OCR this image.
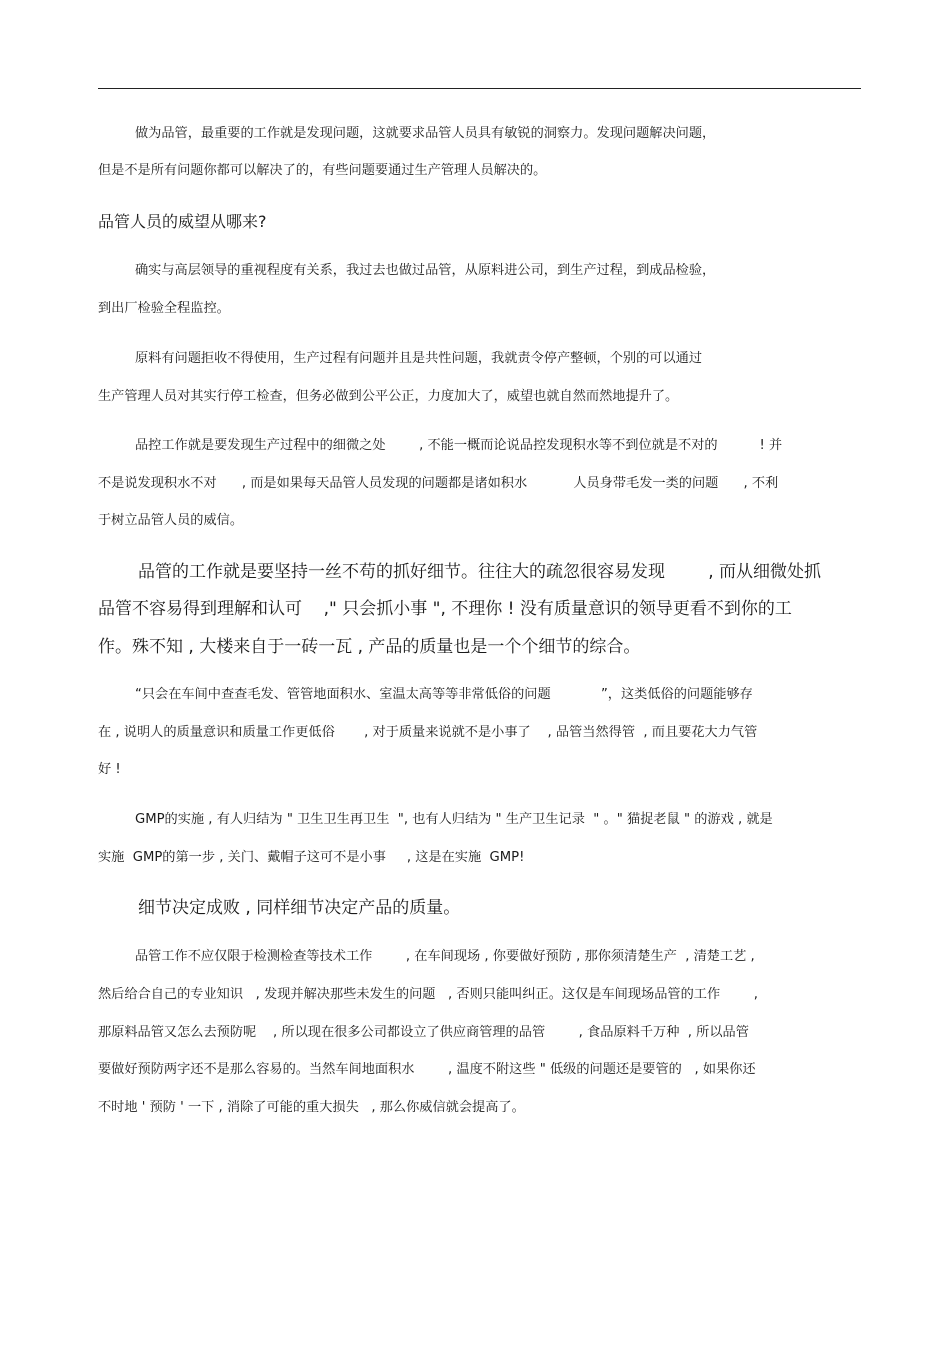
做为品管，最重要的工作就是发现问题，这就要求品管人员具有敏锐的洞察力。发现问题解决问题，
但是不是所有问题你都可以解决了的，有些问题要通过生产管理人员解决的。
品管人员的威望从哪来?
确实与高层领导的重视程度有关系，我过去也做过品管，从原料进公司，到生产过程，到成品检验，
到出厂检验全程监控。
原料有问题拒收不得使用，生产过程有问题并且是共性问题，我就责令停产整顿，个别的可以通过
生产管理人员对其实行停工检查，但务必做到公平公正，力度加大了，威望也就自然而然地提升了。
品控工作就是要发现生产过程中的细微之处        , 不能一概而论说品控发现积水等不到位就是不对的          ! 并
不是说发现积水不对      , 而是如果每天品管人员发现的问题都是诸如积水           人员身带毛发一类的问题      , 不利
于树立品管人员的威信。
品管的工作就是要坚持一丝不苟的抓好细节。往往大的疏忽很容易发现        , 而从细微处抓
品管不容易得到理解和认可    ," 只会抓小事 ", 不理你 ! 没有质量意识的领导更看不到你的工
作。殊不知 , 大楼来自于一砖一瓦 , 产品的质量也是一个个细节的综合。
“只会在车间中查查毛发、管管地面积水、室温太高等等非常低俗的问题            ”，这类低俗的问题能够存
在 , 说明人的质量意识和质量工作更低俗       , 对于质量来说就不是小事了    , 品管当然得管  , 而且要花大力气管
好 !
GMP的实施 , 有人归结为 " 卫生卫生再卫生  ", 也有人归结为 " 生产卫生记录  " 。" 猫捉老鼠 " 的游戏 , 就是
实施  GMP的第一步 , 关门、戴帽子这可不是小事     , 这是在实施  GMP!
细节决定成败 , 同样细节决定产品的质量。
品管工作不应仅限于检测检查等技术工作        , 在车间现场 , 你要做好预防 , 那你须清楚生产  , 清楚工艺 ,
然后给合自己的专业知识   , 发现并解决那些未发生的问题   , 否则只能叫纠正。这仅是车间现场品管的工作        ,
那原料品管又怎么去预防呢    , 所以现在很多公司都设立了供应商管理的品管        , 食品原料千万种  , 所以品管
要做好预防两字还不是那么容易的。当然车间地面积水        , 温度不附这些 " 低级的问题还是要管的   , 如果你还
不时地 ' 预防 ' 一下 , 消除了可能的重大损失   , 那么你威信就会提高了。
